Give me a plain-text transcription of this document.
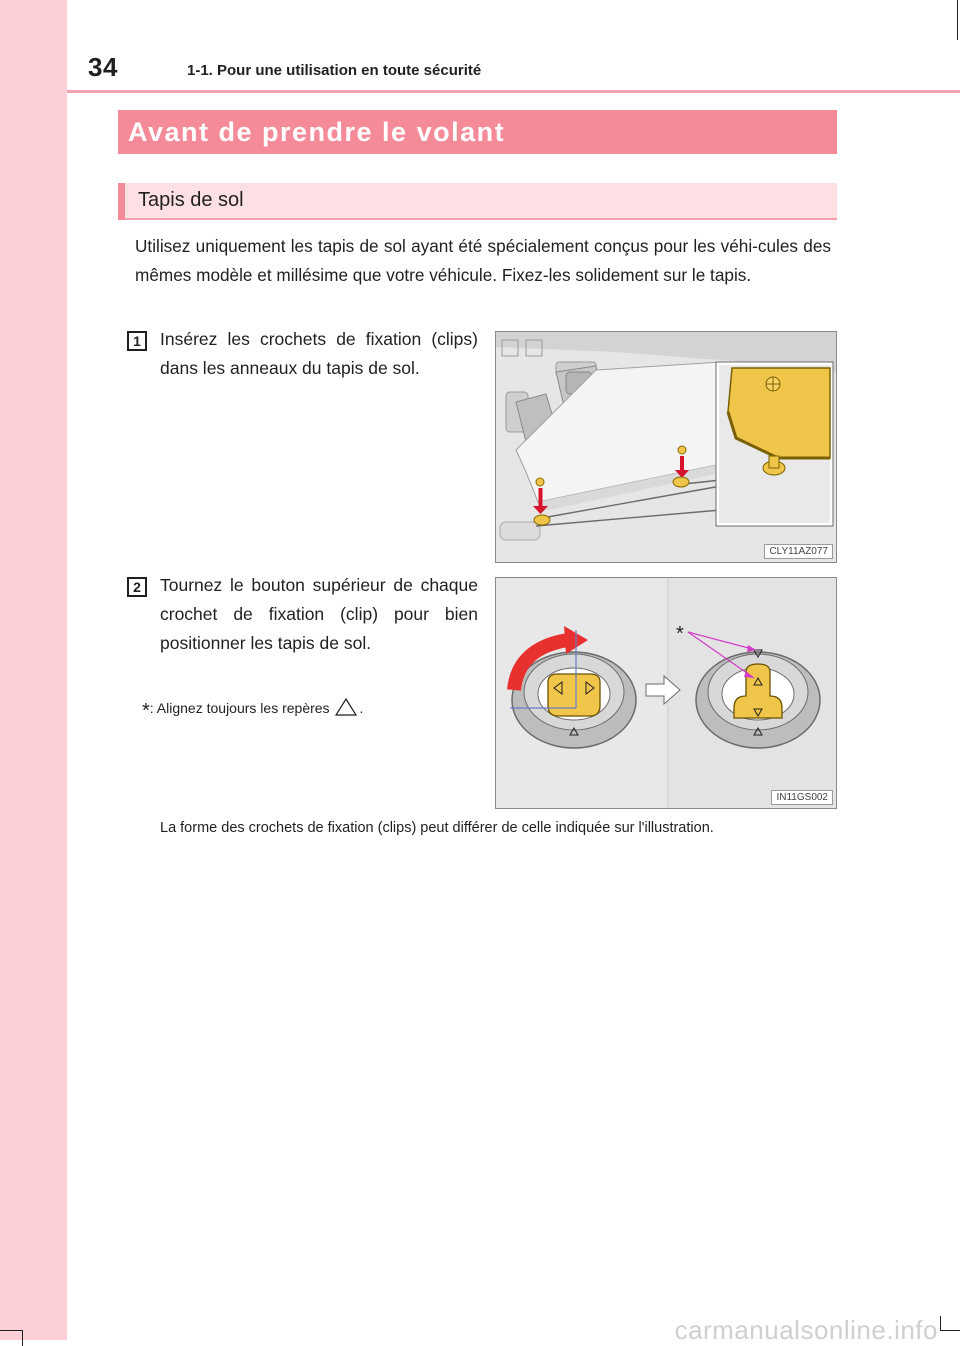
34	1-1. Pour une utilisation en toute sécurité
Avant de prendre le volant
Tapis de sol
Utilisez uniquement les tapis de sol ayant été spécialement conçus pour les véhi-cules des mêmes modèle et millésime que votre véhicule. Fixez-les solidement sur le tapis.
1	Insérez les crochets de fixation (clips) dans les anneaux du tapis de sol.
CLY11AZ077
2	Tournez le bouton supérieur de chaque crochet de fixation (clip) pour bien positionner les tapis de sol.
*: Alignez toujours les repères .
*
IN11GS002
La forme des crochets de fixation (clips) peut différer de celle indiquée sur l'illustration.
carmanualsonline.info
